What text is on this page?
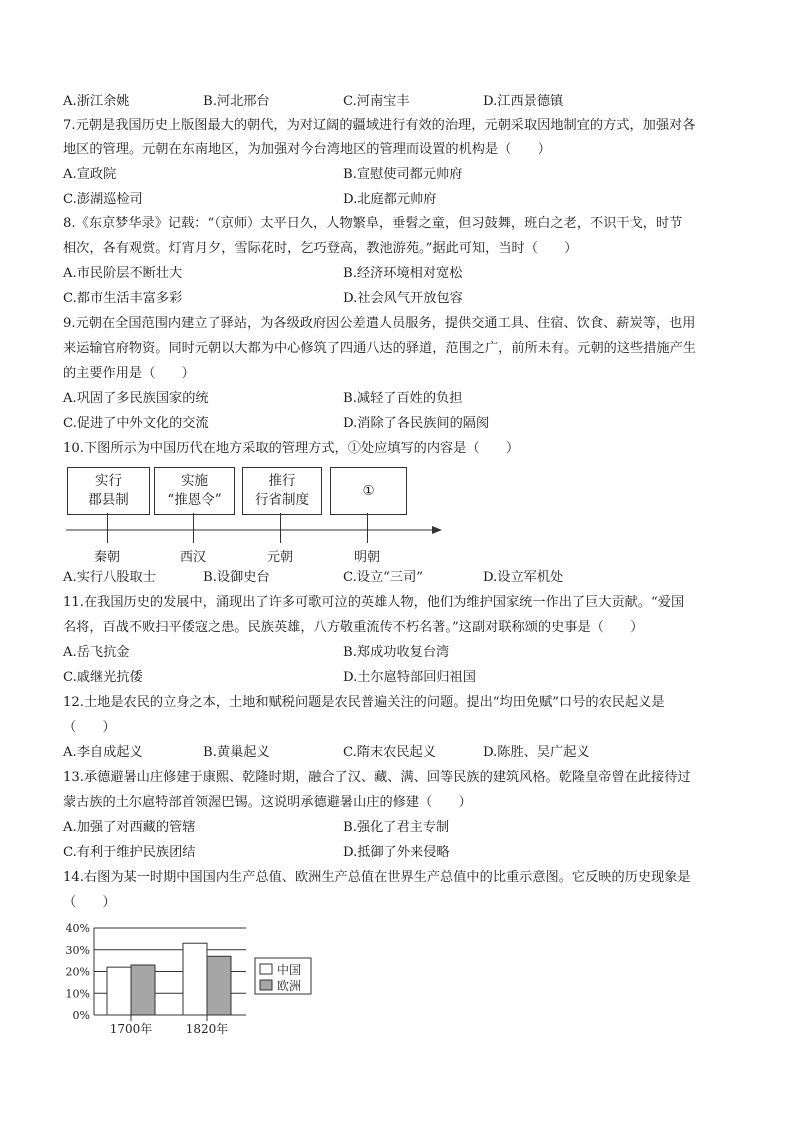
A.浙江余姚	B.河北邢台	C.河南宝丰	D.江西景德镇
7.元朝是我国历史上版图最大的朝代，为对辽阔的疆域进行有效的治理，元朝采取因地制宜的方式，加强对各
地区的管理。元朝在东南地区，为加强对今台湾地区的管理而设置的机构是（　　）
A.宣政院	B.宣慰使司都元帅府
C.澎湖巡检司	D.北庭都元帅府
8.《东京梦华录》记载：“（京师）太平日久，人物繁阜，垂髫之童，但习鼓舞，班白之老，不识干戈，时节
相次，各有观赏。灯宵月夕，雪际花时，乞巧登高，教池游苑。”据此可知，当时（　　）
A.市民阶层不断壮大	B.经济环境相对宽松
C.都市生活丰富多彩	D.社会风气开放包容
9.元朝在全国范围内建立了驿站，为各级政府因公差遣人员服务，提供交通工具、住宿、饮食、薪炭等，也用
来运输官府物资。同时元朝以大都为中心修筑了四通八达的驿道，范围之广，前所未有。元朝的这些措施产生
的主要作用是（　　）
A.巩固了多民族国家的统	B.减轻了百姓的负担
C.促进了中外文化的交流	D.消除了各民族间的隔阂
10.下图所示为中国历代在地方采取的管理方式，①处应填写的内容是（　　）
实行
郡县制
实施
“推恩令”
推行
行省制度
①
秦朝	西汉	元朝	明朝
A.实行八股取士	B.设御史台	C.设立“三司”	D.设立军机处
11.在我国历史的发展中，涌现出了许多可歌可泣的英雄人物，他们为维护国家统一作出了巨大贡献。“爱国
名将，百战不败扫平倭寇之患。民族英雄，八方敬重流传不朽名著。”这副对联称颂的史事是（　　）
A.岳飞抗金	B.郑成功收复台湾
C.戚继光抗倭	D.土尔扈特部回归祖国
12.土地是农民的立身之本，土地和赋税问题是农民普遍关注的问题。提出“均田免赋”口号的农民起义是
（　　）
A.李自成起义	B.黄巢起义	C.隋末农民起义	D.陈胜、吴广起义
13.承德避暑山庄修建于康熙、乾隆时期，融合了汉、藏、满、回等民族的建筑风格。乾隆皇帝曾在此接待过
蒙古族的土尔扈特部首领渥巴锡。这说明承德避暑山庄的修建（　　）
A.加强了对西藏的管辖	B.强化了君主专制
C.有利于维护民族团结	D.抵御了外来侵略
14.右图为某一时期中国国内生产总值、欧洲生产总值在世界生产总值中的比重示意图。它反映的历史现象是
（　　）
0%
10%
20%
30%
40%
1700年	1820年
中国
欧洲
